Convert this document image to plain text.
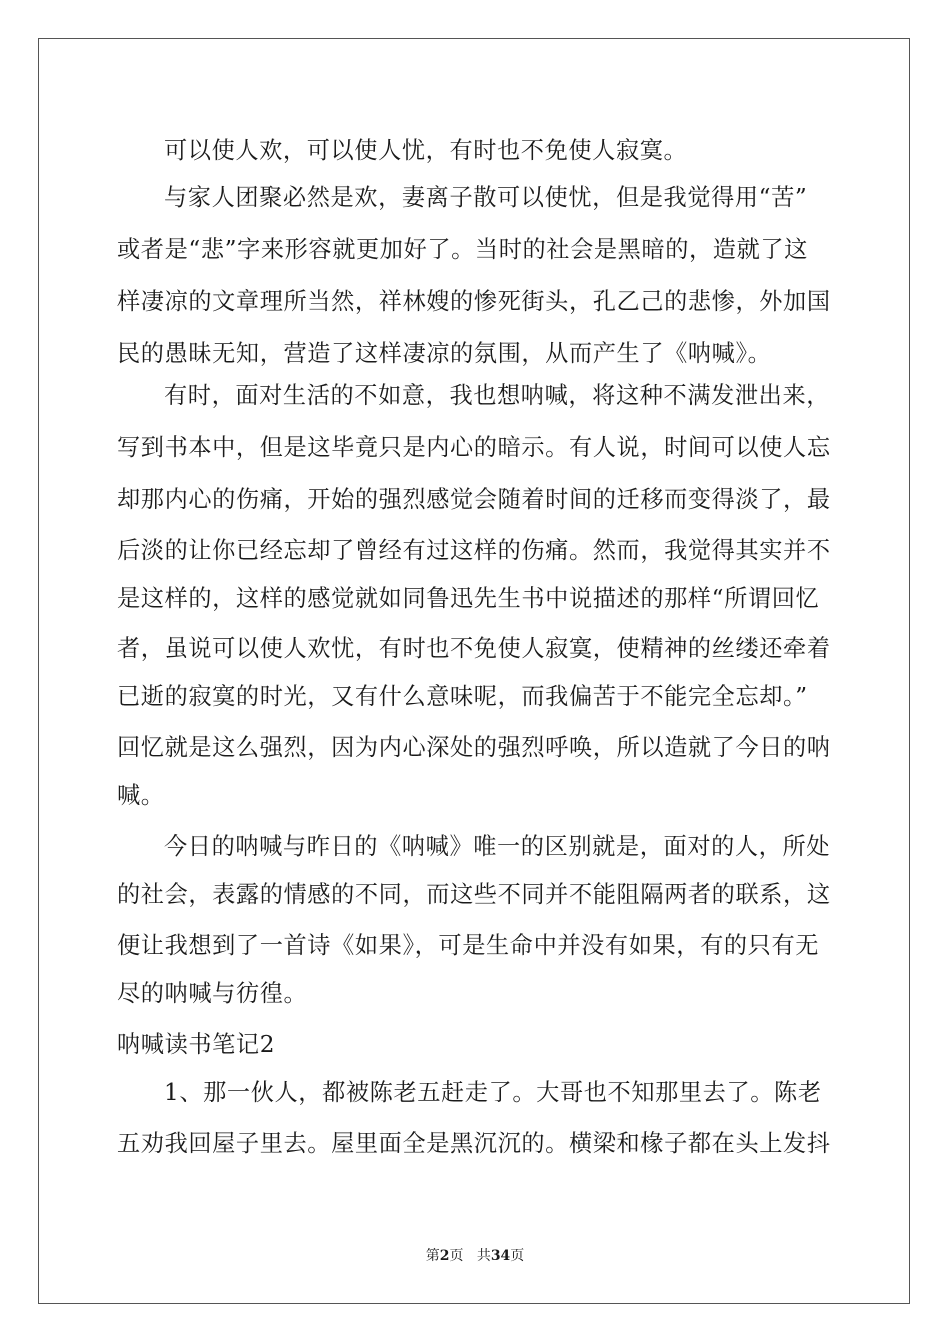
可以使人欢，可以使人忧，有时也不免使人寂寞。
与家人团聚必然是欢，妻离子散可以使忧，但是我觉得用“苦”
或者是“悲”字来形容就更加好了。当时的社会是黑暗的，造就了这
样凄凉的文章理所当然，祥林嫂的惨死街头，孔乙己的悲惨，外加国
民的愚昧无知，营造了这样凄凉的氛围，从而产生了《呐喊》。
有时，面对生活的不如意，我也想呐喊，将这种不满发泄出来，
写到书本中，但是这毕竟只是内心的暗示。有人说，时间可以使人忘
却那内心的伤痛，开始的强烈感觉会随着时间的迁移而变得淡了，最
后淡的让你已经忘却了曾经有过这样的伤痛。然而，我觉得其实并不
是这样的，这样的感觉就如同鲁迅先生书中说描述的那样“所谓回忆
者，虽说可以使人欢忧，有时也不免使人寂寞，使精神的丝缕还牵着
已逝的寂寞的时光，又有什么意味呢，而我偏苦于不能完全忘却。”
回忆就是这么强烈，因为内心深处的强烈呼唤，所以造就了今日的呐
喊。
今日的呐喊与昨日的《呐喊》唯一的区别就是，面对的人，所处
的社会，表露的情感的不同，而这些不同并不能阻隔两者的联系，这
便让我想到了一首诗《如果》，可是生命中并没有如果，有的只有无
尽的呐喊与彷徨。
呐喊读书笔记2
1、那一伙人，都被陈老五赶走了。大哥也不知那里去了。陈老
五劝我回屋子里去。屋里面全是黑沉沉的。横梁和椽子都在头上发抖
第2页 共34页
